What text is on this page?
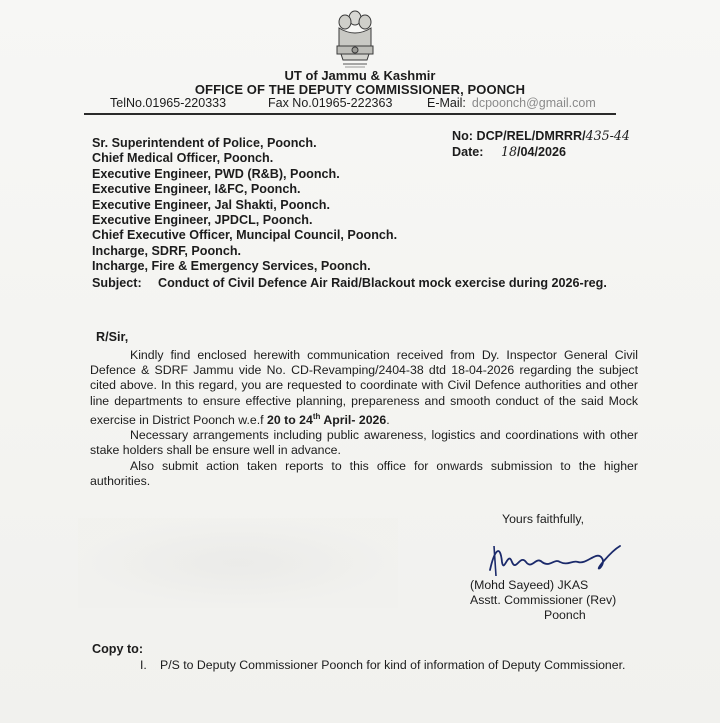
UT of Jammu & Kashmir
OFFICE OF THE DEPUTY COMMISSIONER, POONCH
TelNo.01965-220333	Fax No.01965-222363	E-Mail: dcpoonch@gmail.com
Sr. Superintendent of Police, Poonch.
Chief Medical Officer, Poonch.
Executive Engineer, PWD (R&B), Poonch.
Executive Engineer, I&FC, Poonch.
Executive Engineer, Jal Shakti, Poonch.
Executive Engineer, JPDCL, Poonch.
Chief Executive Officer, Muncipal Council, Poonch.
Incharge, SDRF, Poonch.
Incharge, Fire & Emergency Services, Poonch.
No: DCP/REL/DMRRR/435-44
Date: 18/04/2026
Subject: Conduct of Civil Defence Air Raid/Blackout mock exercise during 2026-reg.
R/Sir,

Kindly find enclosed herewith communication received from Dy. Inspector General Civil Defence & SDRF Jammu vide No. CD-Revamping/2404-38 dtd 18-04-2026 regarding the subject cited above. In this regard, you are requested to coordinate with Civil Defence authorities and other line departments to ensure effective planning, prepareness and smooth conduct of the said Mock exercise in District Poonch w.e.f 20 to 24th April- 2026.

Necessary arrangements including public awareness, logistics and coordinations with other stake holders shall be ensure well in advance.

Also submit action taken reports to this office for onwards submission to the higher authorities.

Yours faithfully,
(Mohd Sayeed) JKAS
Asstt. Commissioner (Rev)
Poonch
Copy to:
I. P/S to Deputy Commissioner Poonch for kind of information of Deputy Commissioner.
